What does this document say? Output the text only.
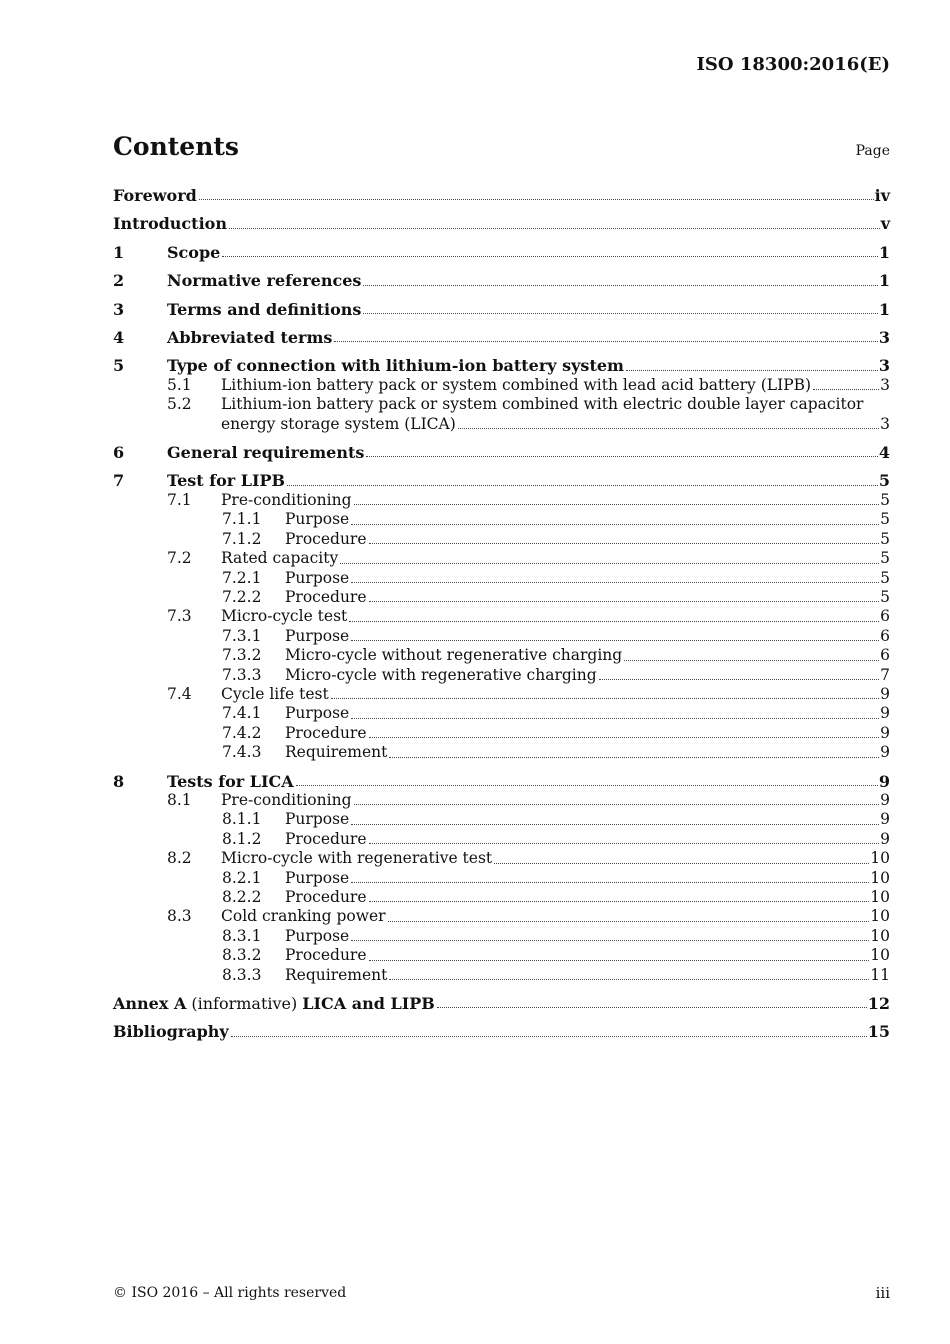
ISO 18300:2016(E)
Contents	Page
Foreword	iv
Introduction	v
1	Scope	1
2	Normative references	1
3	Terms and definitions	1
4	Abbreviated terms	3
5	Type of connection with lithium-ion battery system	3
5.1	Lithium-ion battery pack or system combined with lead acid battery (LIPB)	3
5.2	Lithium-ion battery pack or system combined with electric double layer capacitor
energy storage system (LICA)	3
6	General requirements	4
7	Test for LIPB	5
7.1	Pre-conditioning	5
7.1.1	Purpose	5
7.1.2	Procedure	5
7.2	Rated capacity	5
7.2.1	Purpose	5
7.2.2	Procedure	5
7.3	Micro-cycle test	6
7.3.1	Purpose	6
7.3.2	Micro-cycle without regenerative charging	6
7.3.3	Micro-cycle with regenerative charging	7
7.4	Cycle life test	9
7.4.1	Purpose	9
7.4.2	Procedure	9
7.4.3	Requirement	9
8	Tests for LICA	9
8.1	Pre-conditioning	9
8.1.1	Purpose	9
8.1.2	Procedure	9
8.2	Micro-cycle with regenerative test	10
8.2.1	Purpose	10
8.2.2	Procedure	10
8.3	Cold cranking power	10
8.3.1	Purpose	10
8.3.2	Procedure	10
8.3.3	Requirement	11
Annex A (informative) LICA and LIPB	12
Bibliography	15
© ISO 2016 – All rights reserved	iii
